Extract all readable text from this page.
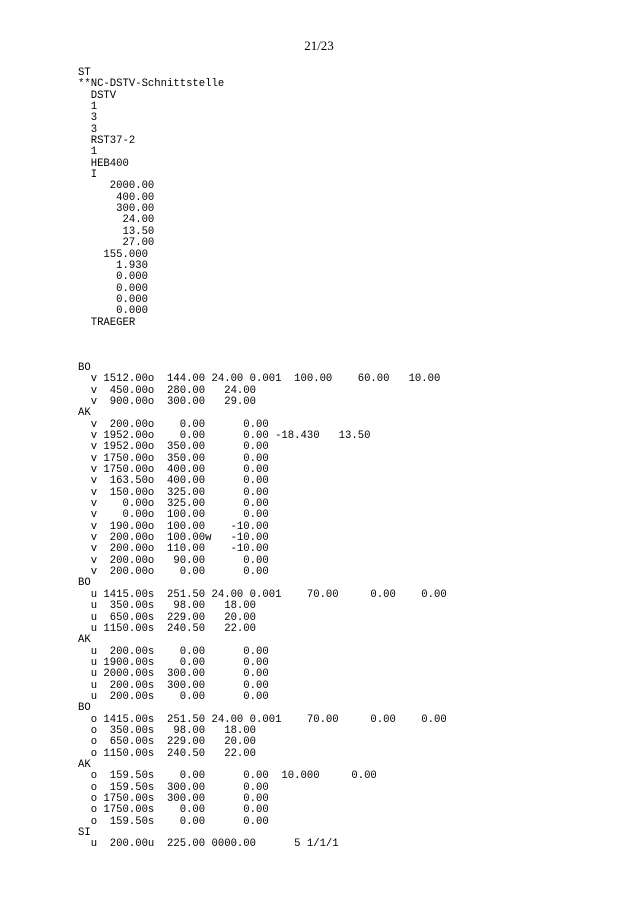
21/23
ST
**NC-DSTV-Schnittstelle
DSTV
1
3
3
RST37-2
1
HEB400
I
2000.00
400.00
300.00
24.00
13.50
27.00
155.000
1.930
0.000
0.000
0.000
0.000
TRAEGER
BO
v 1512.00o  144.00 24.00 0.001  100.00    60.00   10.00
v  450.00o  280.00   24.00
v  900.00o  300.00   29.00
AK
v  200.00o    0.00      0.00
v 1952.00o    0.00      0.00 -18.430   13.50
v 1952.00o  350.00      0.00
v 1750.00o  350.00      0.00
v 1750.00o  400.00      0.00
v  163.50o  400.00      0.00
v  150.00o  325.00      0.00
v    0.00o  325.00      0.00
v    0.00o  100.00      0.00
v  190.00o  100.00    -10.00
v  200.00o  100.00w   -10.00
v  200.00o  110.00    -10.00
v  200.00o   90.00      0.00
v  200.00o    0.00      0.00
BO
u 1415.00s  251.50 24.00 0.001    70.00     0.00    0.00
u  350.00s   98.00   18.00
u  650.00s  229.00   20.00
u 1150.00s  240.50   22.00
AK
u  200.00s    0.00      0.00
u 1900.00s    0.00      0.00
u 2000.00s  300.00      0.00
u  200.00s  300.00      0.00
u  200.00s    0.00      0.00
BO
o 1415.00s  251.50 24.00 0.001    70.00     0.00    0.00
o  350.00s   98.00   18.00
o  650.00s  229.00   20.00
o 1150.00s  240.50   22.00
AK
o  159.50s    0.00      0.00  10.000     0.00
o  159.50s  300.00      0.00
o 1750.00s  300.00      0.00
o 1750.00s    0.00      0.00
o  159.50s    0.00      0.00
SI
u  200.00u  225.00 0000.00      5 1/1/1
